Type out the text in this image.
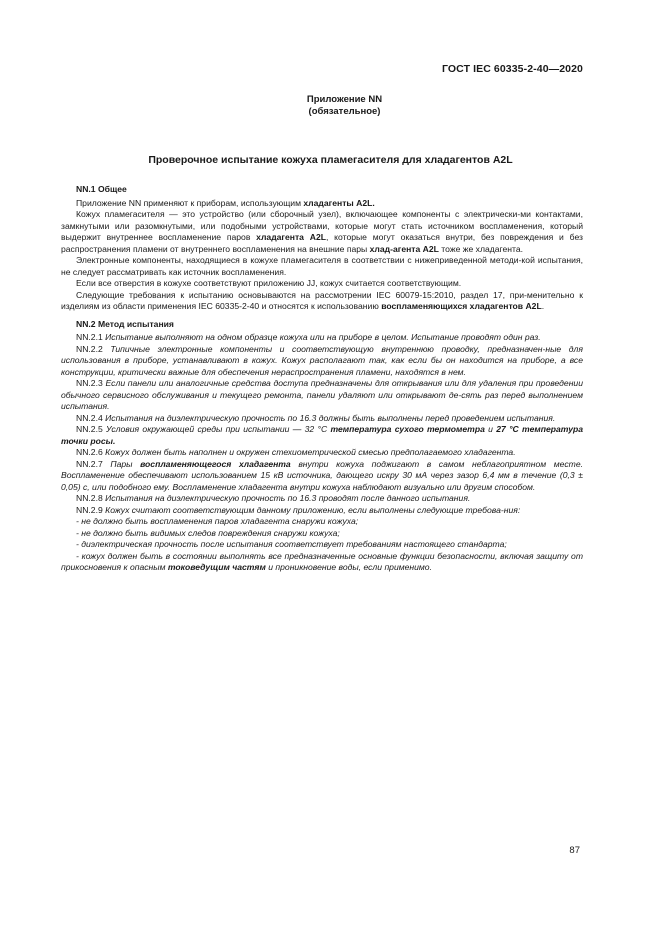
ГОСТ IEC 60335-2-40—2020
Приложение NN
(обязательное)
Проверочное испытание кожуха пламегасителя для хладагентов A2L

NN.1 Общее

Приложение NN применяют к приборам, использующим хладагенты A2L.

Кожух пламегасителя — это устройство (или сборочный узел), включающее компоненты с электрически-ми контактами, замкнутыми или разомкнутыми, или подобными устройствами, которые могут стать источником воспламенения, который выдержит внутреннее воспламенение паров хладагента A2L, которые могут оказаться внутри, без повреждения и без распространения пламени от внутреннего воспламенения на внешние пары хлад-агента A2L тоже же хладагента.

Электронные компоненты, находящиеся в кожухе пламегасителя в соответствии с нижеприведенной методи-кой испытания, не следует рассматривать как источник воспламенения.

Если все отверстия в кожухе соответствуют приложению JJ, кожух считается соответствующим.

Следующие требования к испытанию основываются на рассмотрении IEC 60079-15:2010, раздел 17, при-менительно к изделиям из области применения IEC 60335-2-40 и относятся к использованию воспламеняющихся хладагентов A2L.

NN.2 Метод испытания

NN.2.1 Испытание выполняют на одном образце кожуха или на приборе в целом. Испытание проводят один раз.

NN.2.2 Типичные электронные компоненты и соответствующую внутреннюю проводку, предназначен-ные для использования в приборе, устанавливают в кожух. Кожух располагают так, как если бы он находится на приборе, а все конструкции, критически важные для обеспечения нераспространения пламени, находятся в нем.

NN.2.3 Если панели или аналогичные средства доступа предназначены для открывания или для удаления при проведении обычного сервисного обслуживания и текущего ремонта, панели удаляют или открывают де-сять раз перед выполнением испытания.

NN.2.4 Испытания на диэлектрическую прочность по 16.3 должны быть выполнены перед проведением испытания.

NN.2.5 Условия окружающей среды при испытании — 32 °С температура сухого термометра и 27 °С температура точки росы.

NN.2.6 Кожух должен быть наполнен и окружен стехиометрической смесью предполагаемого хладагента.

NN.2.7 Пары воспламеняющегося хладагента внутри кожуха поджигают в самом неблагоприятном месте. Воспламенение обеспечивают использованием 15 кВ источника, дающего искру 30 мА через зазор 6,4 мм в течение (0,3 ± 0,05) с, или подобного ему. Воспламенение хладагента внутри кожуха наблюдают визуально или другим способом.

NN.2.8 Испытания на диэлектрическую прочность по 16.3 проводят после данного испытания.

NN.2.9 Кожух считают соответствующим данному приложению, если выполнены следующие требова-ния:

- не должно быть воспламенения паров хладагента снаружи кожуха;

- не должно быть видимых следов повреждения снаружи кожуха;

- диэлектрическая прочность после испытания соответствует требованиям настоящего стандарта;

- кожух должен быть в состоянии выполнять все предназначенные основные функции безопасности, включая защиту от прикосновения к опасным токоведущим частям и проникновение воды, если применимо.

87
